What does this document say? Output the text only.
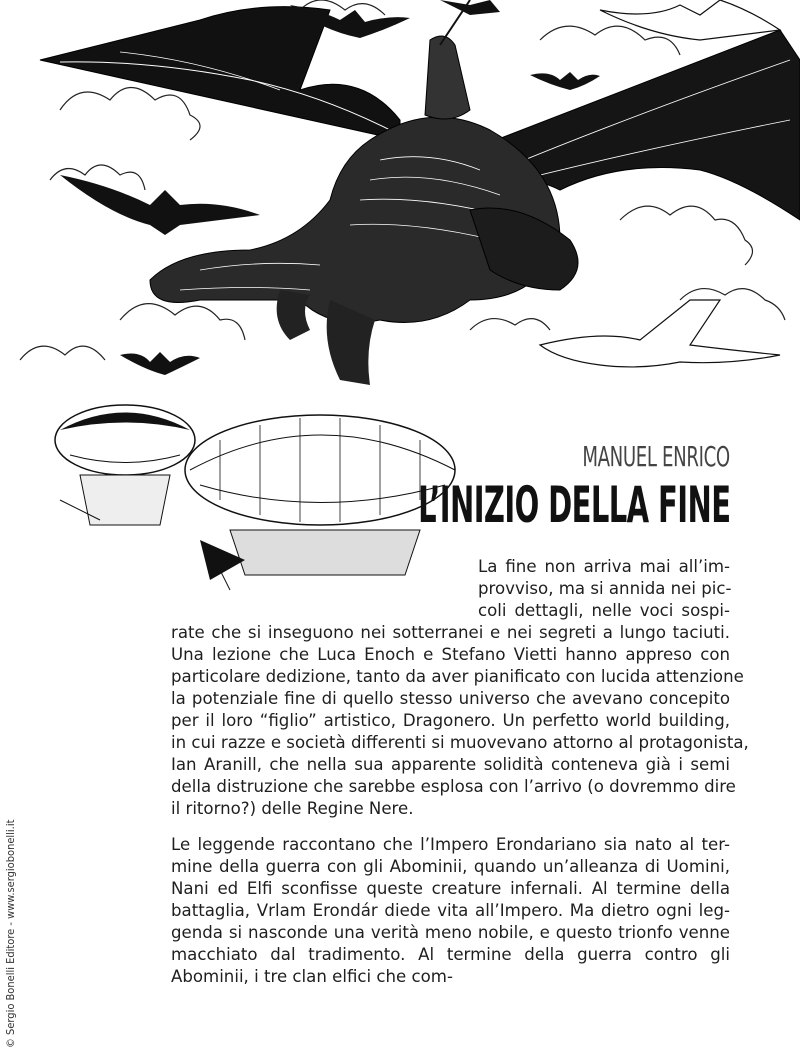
MANUEL ENRICO
L’INIZIO DELLA FINE
La fine non arriva mai all’im-
provviso, ma si annida nei pic-
coli dettagli, nelle voci sospi-
rate che si inseguono nei sotterranei e nei segreti a lungo taciuti.
Una lezione che Luca Enoch e Stefano Vietti hanno appreso con
particolare dedizione, tanto da aver pianificato con lucida attenzione
la potenziale fine di quello stesso universo che avevano concepito
per il loro “figlio” artistico, Dragonero. Un perfetto world building,
in cui razze e società differenti si muovevano attorno al protagonista,
Ian Aranill, che nella sua apparente solidità conteneva già i semi
della distruzione che sarebbe esplosa con l’arrivo (o dovremmo dire
il ritorno?) delle Regine Nere.
Le leggende raccontano che l’Impero Erondariano sia nato al ter- mine della guerra con gli Abominii, quando un’alleanza di Uomini, Nani ed Elfi sconfisse queste creature infernali. Al termine della battaglia, Vrlam Erondár diede vita all’Impero. Ma dietro ogni leg- genda si nasconde una verità meno nobile, e questo trionfo venne macchiato dal tradimento. Al termine della guerra contro gli Abominii, i tre clan elfici che com-
© Sergio Bonelli Editore - www.sergiobonelli.it
